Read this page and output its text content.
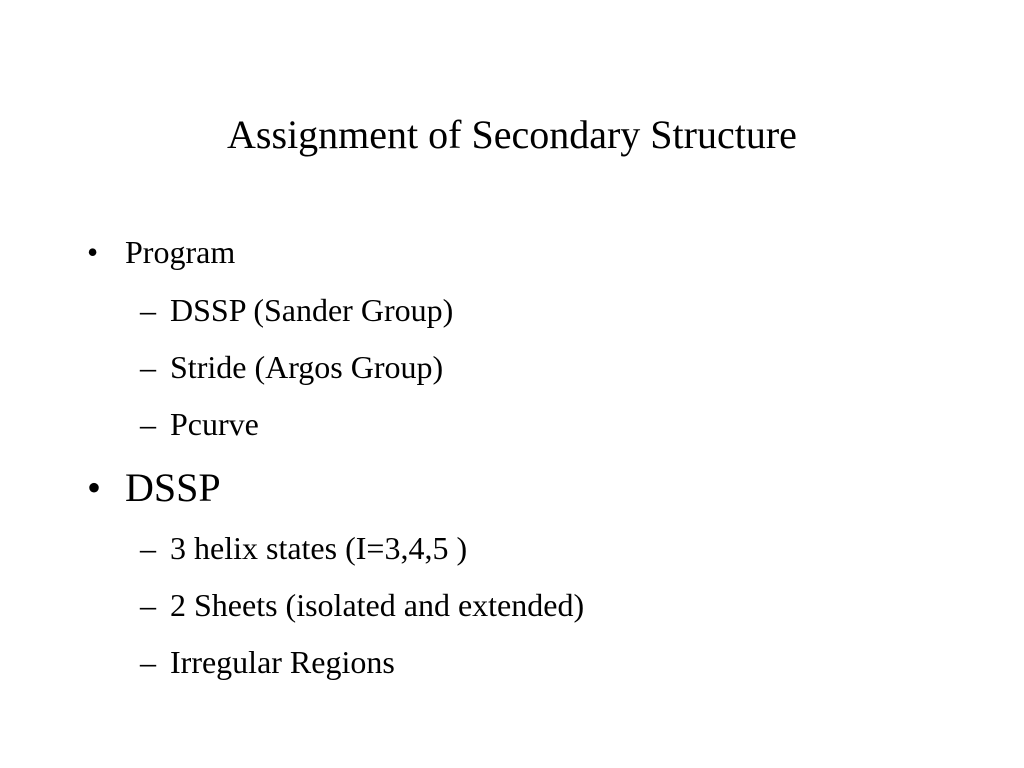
Assignment of Secondary Structure
• Program
– DSSP (Sander Group)
– Stride (Argos Group)
– Pcurve
• DSSP
– 3 helix states (I=3,4,5 )
– 2 Sheets (isolated and extended)
– Irregular Regions
